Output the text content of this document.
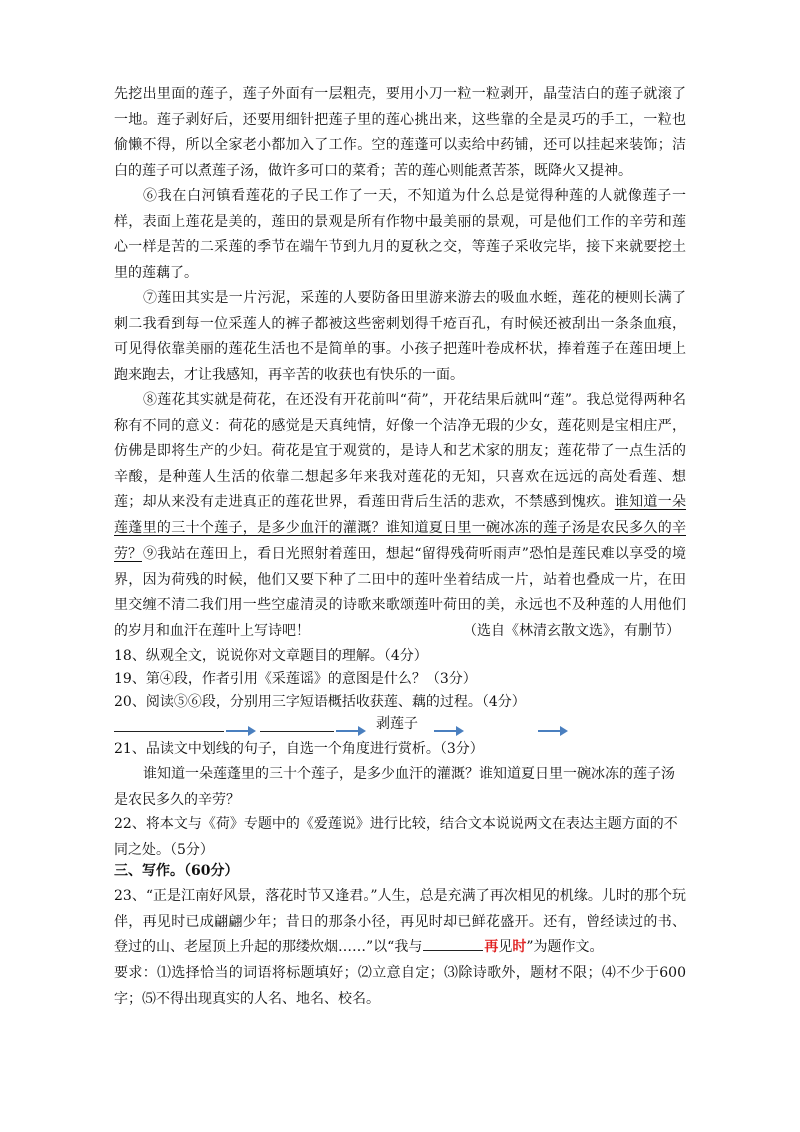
先挖出里面的莲子，莲子外面有一层粗壳，要用小刀一粒一粒剥开，晶莹洁白的莲子就滚了一地。莲子剥好后，还要用细针把莲子里的莲心挑出来，这些靠的全是灵巧的手工，一粒也偷懒不得，所以全家老小都加入了工作。空的莲蓬可以卖给中药铺，还可以挂起来装饰；洁白的莲子可以煮莲子汤，做许多可口的菜肴；苦的莲心则能煮苦茶，既降火又提神。

⑥我在白河镇看莲花的子民工作了一天，不知道为什么总是觉得种莲的人就像莲子一样，表面上莲花是美的，莲田的景观是所有作物中最美丽的景观，可是他们工作的辛劳和莲心一样是苦的二采莲的季节在端午节到九月的夏秋之交，等莲子采收完毕，接下来就要挖土里的莲藕了。

⑦莲田其实是一片污泥，采莲的人要防备田里游来游去的吸血水蛭，莲花的梗则长满了刺二我看到每一位采莲人的裤子都被这些密刺划得千疮百孔，有时候还被刮出一条条血痕，可见得依靠美丽的莲花生活也不是简单的事。小孩子把莲叶卷成杯状，捧着莲子在莲田埂上跑来跑去，才让我感知，再辛苦的收获也有快乐的一面。

⑧莲花其实就是荷花，在还没有开花前叫“荷”，开花结果后就叫“莲”。我总觉得两种名称有不同的意义：荷花的感觉是天真纯情，好像一个洁净无瑕的少女，莲花则是宝相庄严，仿佛是即将生产的少妇。荷花是宜于观赏的，是诗人和艺术家的朋友；莲花带了一点生活的辛酸，是种莲人生活的依靠二想起多年来我对莲花的无知，只喜欢在远远的高处看莲、想莲；却从来没有走进真正的莲花世界，看莲田背后生活的悲欢，不禁感到愧疚。谁知道一朵莲蓬里的三十个莲子，是多少血汗的灌溉？谁知道夏日里一碗冰冻的莲子汤是农民多久的辛劳？ ⑨我站在莲田上，看日光照射着莲田，想起“留得残荷听雨声”恐怕是莲民难以享受的境界，因为荷残的时候，他们又要下种了二田中的莲叶坐着结成一片，站着也叠成一片，在田里交缠不清二我们用一些空虚清灵的诗歌来歌颂莲叶荷田的美，永远也不及种莲的人用他们的岁月和血汗在莲叶上写诗吧！	（选自《林清玄散文选》，有删节）

18、纵观全文，说说你对文章题目的理解。（4分）

19、第④段，作者引用《采莲谣》的意图是什么？（3分）

20、阅读⑤⑥段，分别用三字短语概括收获莲、藕的过程。（4分）

剥莲子

21、品读文中划线的句子，自选一个角度进行赏析。（3分）

谁知道一朵莲蓬里的三十个莲子，是多少血汗的灌溉？谁知道夏日里一碗冰冻的莲子汤是农民多久的辛劳？

22、将本文与《荷》专题中的《爱莲说》进行比较，结合文本说说两文在表达主题方面的不同之处。（5分）

三、写作。（60分）

23、“正是江南好风景，落花时节又逢君。”人生，总是充满了再次相见的机缘。儿时的那个玩伴，再见时已成翩翩少年；昔日的那条小径，再见时却已鲜花盛开。还有，曾经读过的书、登过的山、老屋顶上升起的那缕炊烟……”以“我与	再见时”为题作文。

要求：⑴选择恰当的词语将标题填好；⑵立意自定；⑶除诗歌外，题材不限；⑷不少于600字；⑸不得出现真实的人名、地名、校名。
